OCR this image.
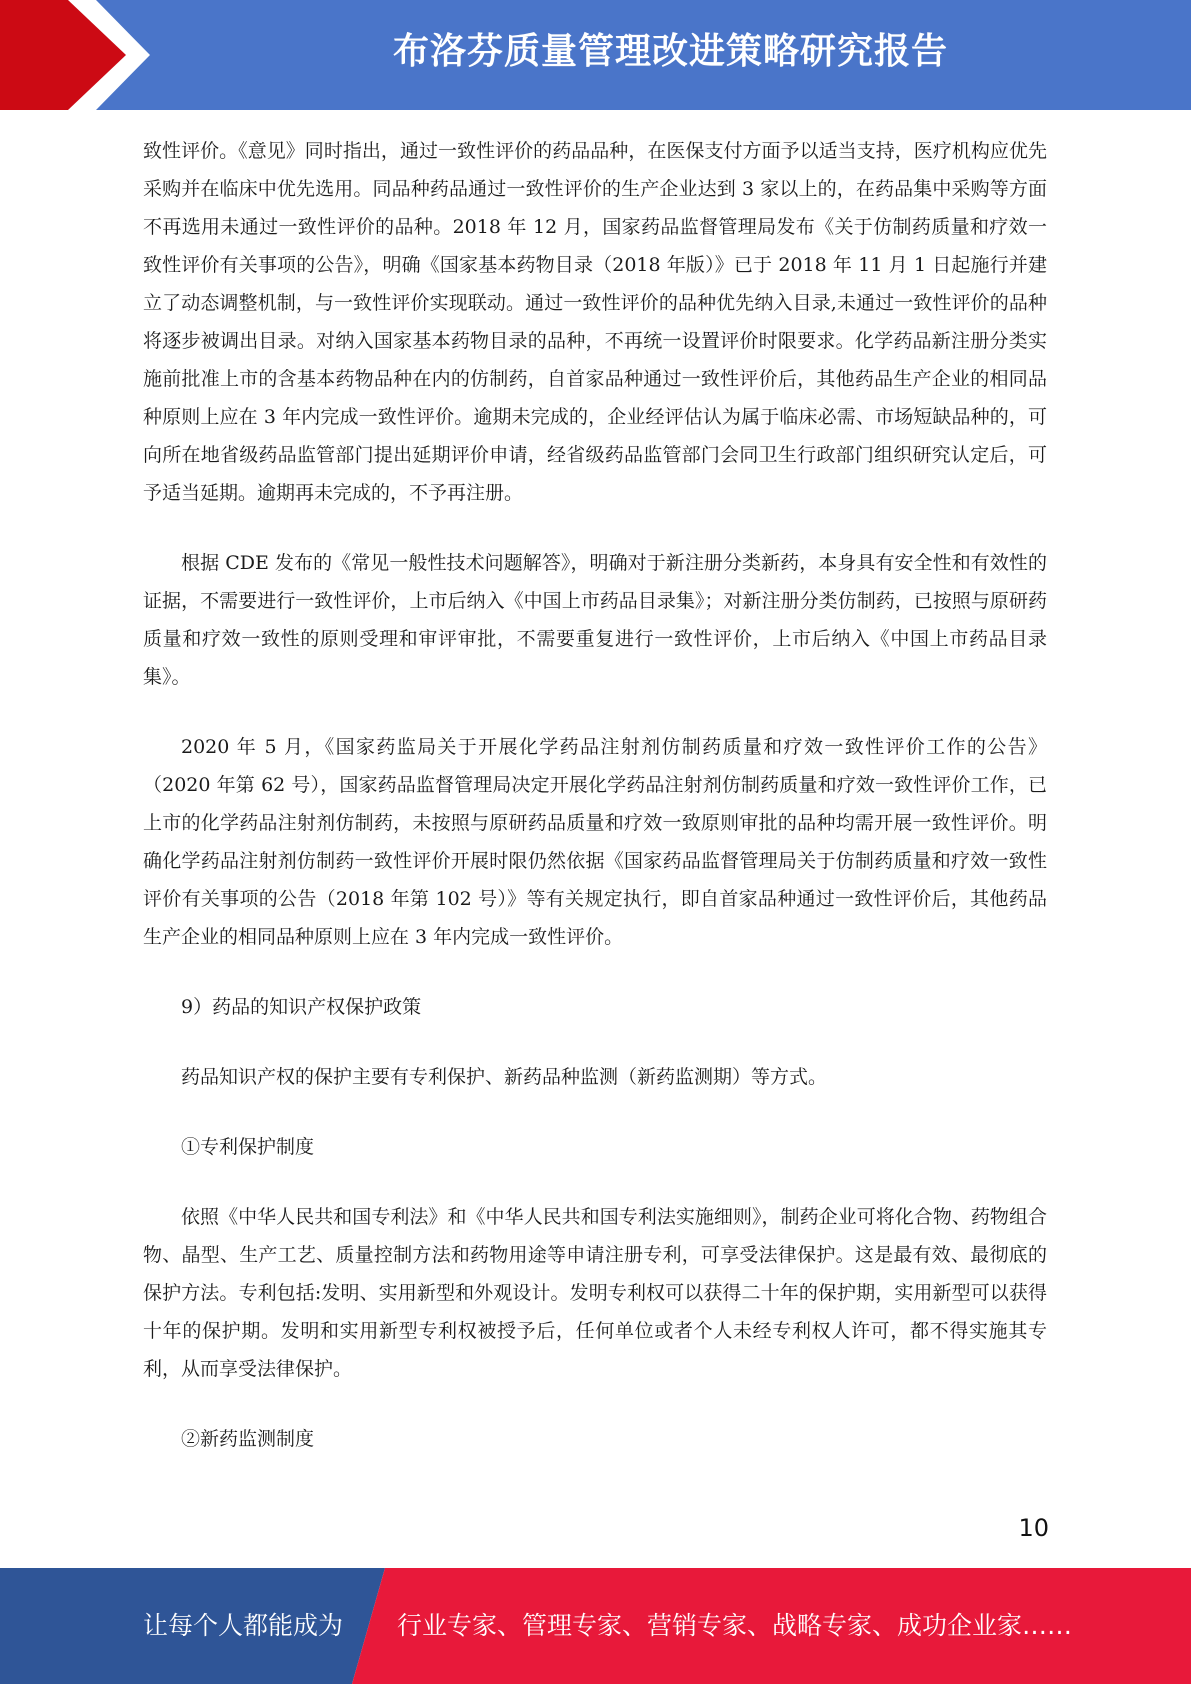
布洛芬质量管理改进策略研究报告

致性评价。《意见》同时指出，通过一致性评价的药品品种，在医保支付方面予以适当支持，医疗机构应优先采购并在临床中优先选用。同品种药品通过一致性评价的生产企业达到 3 家以上的，在药品集中采购等方面不再选用未通过一致性评价的品种。2018 年 12 月，国家药品监督管理局发布《关于仿制药质量和疗效一致性评价有关事项的公告》，明确《国家基本药物目录（2018 年版）》已于 2018 年 11 月 1 日起施行并建立了动态调整机制，与一致性评价实现联动。通过一致性评价的品种优先纳入目录,未通过一致性评价的品种将逐步被调出目录。对纳入国家基本药物目录的品种，不再统一设置评价时限要求。化学药品新注册分类实施前批准上市的含基本药物品种在内的仿制药，自首家品种通过一致性评价后，其他药品生产企业的相同品种原则上应在 3 年内完成一致性评价。逾期未完成的，企业经评估认为属于临床必需、市场短缺品种的，可向所在地省级药品监管部门提出延期评价申请，经省级药品监管部门会同卫生行政部门组织研究认定后，可予适当延期。逾期再未完成的，不予再注册。

根据 CDE 发布的《常见一般性技术问题解答》，明确对于新注册分类新药，本身具有安全性和有效性的证据，不需要进行一致性评价，上市后纳入《中国上市药品目录集》；对新注册分类仿制药，已按照与原研药质量和疗效一致性的原则受理和审评审批，不需要重复进行一致性评价，上市后纳入《中国上市药品目录集》。

2020 年 5 月，《国家药监局关于开展化学药品注射剂仿制药质量和疗效一致性评价工作的公告》（2020 年第 62 号），国家药品监督管理局决定开展化学药品注射剂仿制药质量和疗效一致性评价工作，已上市的化学药品注射剂仿制药，未按照与原研药品质量和疗效一致原则审批的品种均需开展一致性评价。明确化学药品注射剂仿制药一致性评价开展时限仍然依据《国家药品监督管理局关于仿制药质量和疗效一致性评价有关事项的公告（2018 年第 102 号）》等有关规定执行，即自首家品种通过一致性评价后，其他药品生产企业的相同品种原则上应在 3 年内完成一致性评价。

9）药品的知识产权保护政策

药品知识产权的保护主要有专利保护、新药品种监测（新药监测期）等方式。

①专利保护制度

依照《中华人民共和国专利法》和《中华人民共和国专利法实施细则》，制药企业可将化合物、药物组合物、晶型、生产工艺、质量控制方法和药物用途等申请注册专利，可享受法律保护。这是最有效、最彻底的保护方法。专利包括:发明、实用新型和外观设计。发明专利权可以获得二十年的保护期，实用新型可以获得十年的保护期。发明和实用新型专利权被授予后，任何单位或者个人未经专利权人许可，都不得实施其专利，从而享受法律保护。

②新药监测制度

10
让每个人都能成为 行业专家、管理专家、营销专家、战略专家、成功企业家……
